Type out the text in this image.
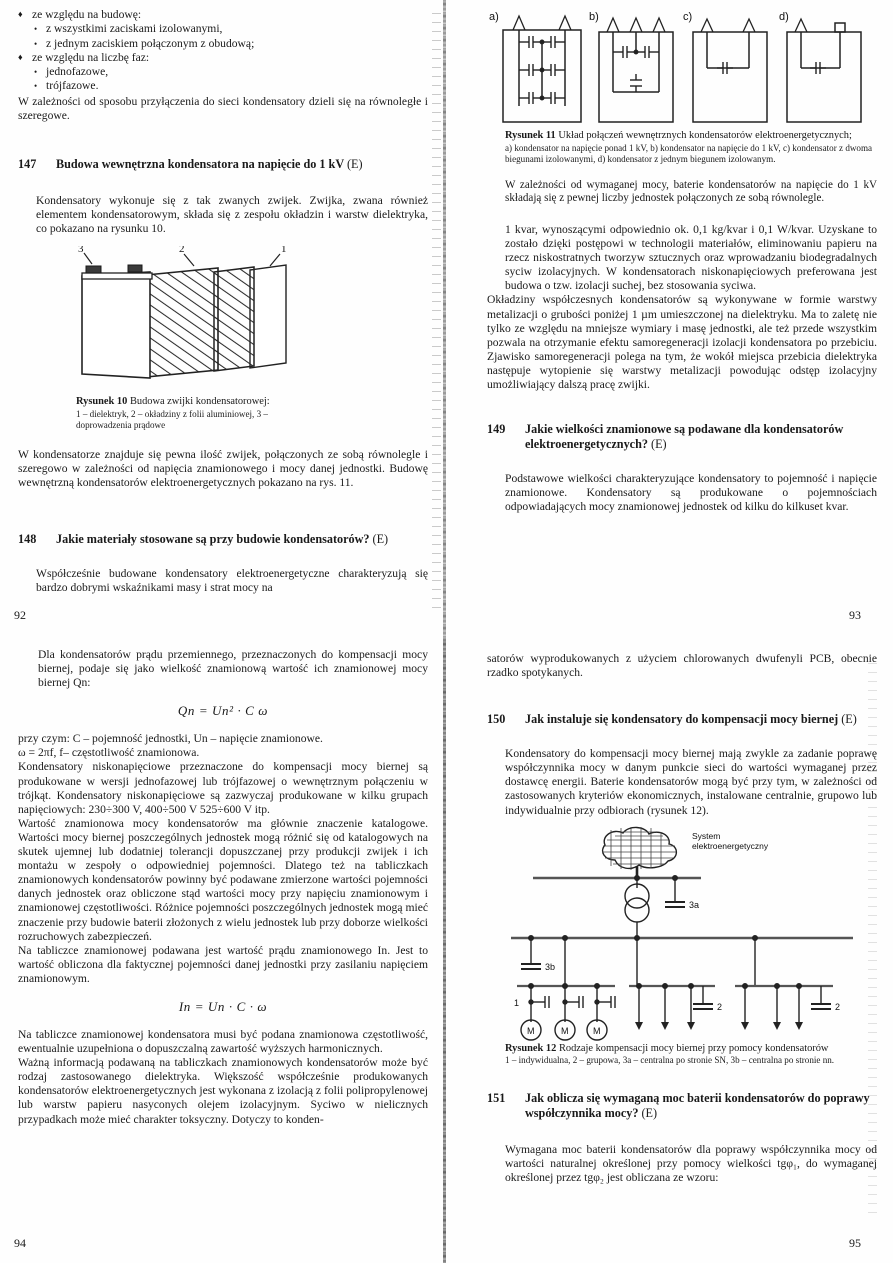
♦ ze względu na budowę:
• z wszystkimi zaciskami izolowanymi,
• z jednym zaciskiem połączonym z obudową;
♦ ze względu na liczbę faz:
• jednofazowe,
• trójfazowe.

W zależności od sposobu przyłączenia do sieci kondensatory dzieli się na równoległe i szeregowe.

147 Budowa wewnętrzna kondensatora na napięcie do 1 kV (E)

Kondensatory wykonuje się z tak zwanych zwijek. Zwijka, zwana również elementem kondensatorowym, składa się z zespołu okładzin i warstw dielektryka, co pokazano na rysunku 10.

3	2	1
Rysunek 10 Budowa zwijki kondensatorowej:
1 – dielektryk, 2 – okładziny z folii aluminiowej, 3 – doprowadzenia prądowe

W kondensatorze znajduje się pewna ilość zwijek, połączonych ze sobą równolegle i szeregowo w zależności od napięcia znamionowego i mocy danej jednostki. Budowę wewnętrzną kondensatorów elektroenergetycznych pokazano na rys. 11.

148 Jakie materiały stosowane są przy budowie kondensatorów? (E)

Współcześnie budowane kondensatory elektroenergetyczne charakteryzują się bardzo dobrymi wskaźnikami masy i strat mocy na

92
a)	b)	c)	d)
Rysunek 11 Układ połączeń wewnętrznych kondensatorów elektroenergetycznych;
a) kondensator na napięcie ponad 1 kV, b) kondensator na napięcie do 1 kV, c) kondensator z dwoma biegunami izolowanymi, d) kondensator z jednym biegunem izolowanym.

W zależności od wymaganej mocy, baterie kondensatorów na napięcie do 1 kV składają się z pewnej liczby jednostek połączonych ze sobą równolegle.

1 kvar, wynoszącymi odpowiednio ok. 0,1 kg/kvar i 0,1 W/kvar. Uzyskane to zostało dzięki postępowi w technologii materiałów, eliminowaniu papieru na rzecz niskostratnych tworzyw sztucznych oraz wprowadzaniu biodegradalnych syciw izolacyjnych. W kondensatorach niskonapięciowych preferowana jest budowa o tzw. izolacji suchej, bez stosowania syciwa.

Okładziny współczesnych kondensatorów są wykonywane w formie warstwy metalizacji o grubości poniżej 1 µm umieszczonej na dielektryku. Ma to zaletę nie tylko ze względu na mniejsze wymiary i masę jednostki, ale też przede wszystkim pozwala na otrzymanie efektu samoregeneracji izolacji kondensatora po przebiciu. Zjawisko samoregeneracji polega na tym, że wokół miejsca przebicia dielektryka następuje wytopienie się warstwy metalizacji powodując odstęp izolacyjny umożliwiający dalszą pracę zwijki.

149 Jakie wielkości znamionowe są podawane dla kondensatorów elektroenergetycznych? (E)

Podstawowe wielkości charakteryzujące kondensatory to pojemność i napięcie znamionowe. Kondensatory są produkowane o pojemnościach odpowiadających mocy znamionowej jednostek od kilku do kilkuset kvar.

93

Dla kondensatorów prądu przemiennego, przeznaczonych do kompensacji mocy biernej, podaje się jako wielkość znamionową wartość ich znamionowej mocy biernej Qn:

Qn = Un² · C ω

przy czym: C – pojemność jednostki, Un – napięcie znamionowe.

ω = 2πf, f– częstotliwość znamionowa.

Kondensatory niskonapięciowe przeznaczone do kompensacji mocy biernej są produkowane w wersji jednofazowej lub trójfazowej o wewnętrznym połączeniu w trójkąt. Kondensatory niskonapięciowe są zazwyczaj produkowane w kilku grupach napięciowych: 230÷300 V, 400÷500 V 525÷600 V itp.

Wartość znamionowa mocy kondensatorów ma głównie znaczenie katalogowe. Wartości mocy biernej poszczególnych jednostek mogą różnić się od katalogowych na skutek ujemnej lub dodatniej tolerancji dopuszczanej przy produkcji zwijek i ich montażu w zespoły o odpowiedniej pojemności. Dlatego też na tabliczkach znamionowych kondensatorów powinny być podawane zmierzone wartości pojemności danych jednostek oraz obliczone stąd wartości mocy przy napięciu znamionowym i znamionowej częstotliwości. Różnice pojemności poszczególnych jednostek mogą mieć znaczenie przy budowie baterii złożonych z wielu jednostek lub przy doborze wielkości rozruchowych zabezpieczeń.

Na tabliczce znamionowej podawana jest wartość prądu znamionowego In. Jest to wartość obliczona dla faktycznej pojemności danej jednostki przy zasilaniu napięciem znamionowym.

In = Un · C · ω

Na tabliczce znamionowej kondensatora musi być podana znamionowa częstotliwość, ewentualnie uzupełniona o dopuszczalną zawartość wyższych harmonicznych.

Ważną informacją podawaną na tabliczkach znamionowych kondensatorów może być rodzaj zastosowanego dielektryka. Większość współcześnie produkowanych kondensatorów elektroenergetycznych jest wykonana z izolacją z folii polipropylenowej lub warstw papieru nasyconych olejem izolacyjnym. Syciwo w nielicznych przypadkach może mieć charakter toksyczny. Dotyczy to konden-

94

satorów wyprodukowanych z użyciem chlorowanych dwufenyli PCB, obecnie rzadko spotykanych.

150 Jak instaluje się kondensatory do kompensacji mocy biernej (E)

Kondensatory do kompensacji mocy biernej mają zwykle za zadanie poprawę współczynnika mocy w danym punkcie sieci do wartości wymaganej przez dostawcę energii. Baterie kondensatorów mogą być przy tym, w zależności od zastosowanych kryteriów ekonomicznych, instalowane centralnie, grupowo lub indywidualnie przy odbiorach (rysunek 12).

System
elektroenergetyczny
3a
3b
M
1
M	M
2	2
Rysunek 12 Rodzaje kompensacji mocy biernej przy pomocy kondensatorów
1 – indywidualna, 2 – grupowa, 3a – centralna po stronie SN, 3b – centralna po stronie nn.
151 Jak oblicza się wymaganą moc baterii kondensatorów do poprawy współczynnika mocy? (E)

Wymagana moc baterii kondensatorów dla poprawy współczynnika mocy od wartości naturalnej określonej przy pomocy wielkości tgφ₁, do wymaganej określonej przez tgφ₂ jest obliczana ze wzoru:

95
